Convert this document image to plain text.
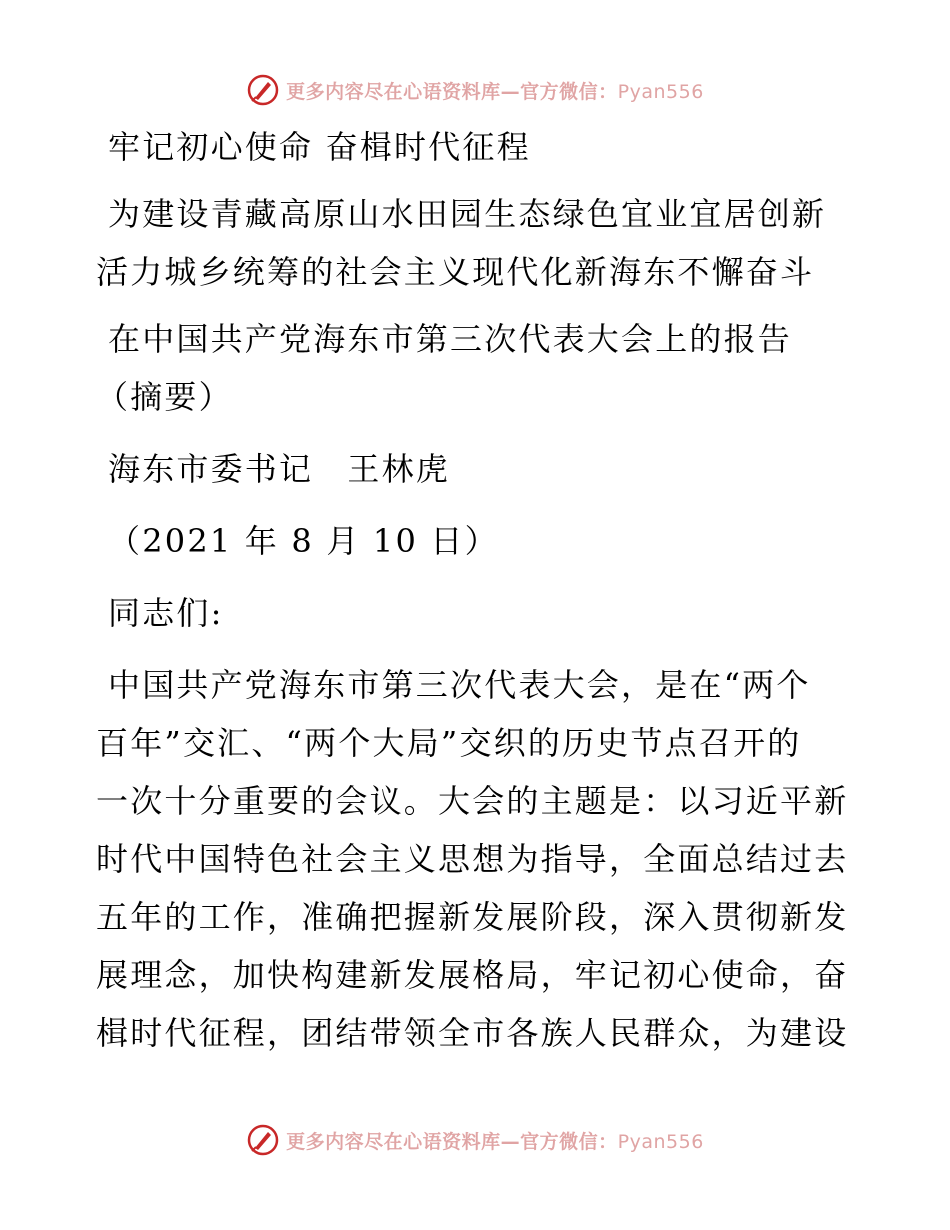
更多内容尽在心语资料库—官方微信：Pyan556

牢记初心使命 奋楫时代征程

为建设青藏高原山水田园生态绿色宜业宜居创新

活力城乡统筹的社会主义现代化新海东不懈奋斗

在中国共产党海东市第三次代表大会上的报告

（摘要）

海东市委书记　王林虎

（2021 年 8 月 10 日）

同志们:

中国共产党海东市第三次代表大会，是在“两个

百年”交汇、“两个大局”交织的历史节点召开的

一次十分重要的会议。大会的主题是：以习近平新

时代中国特色社会主义思想为指导，全面总结过去

五年的工作，准确把握新发展阶段，深入贯彻新发

展理念，加快构建新发展格局，牢记初心使命，奋

楫时代征程，团结带领全市各族人民群众，为建设

更多内容尽在心语资料库—官方微信：Pyan556
